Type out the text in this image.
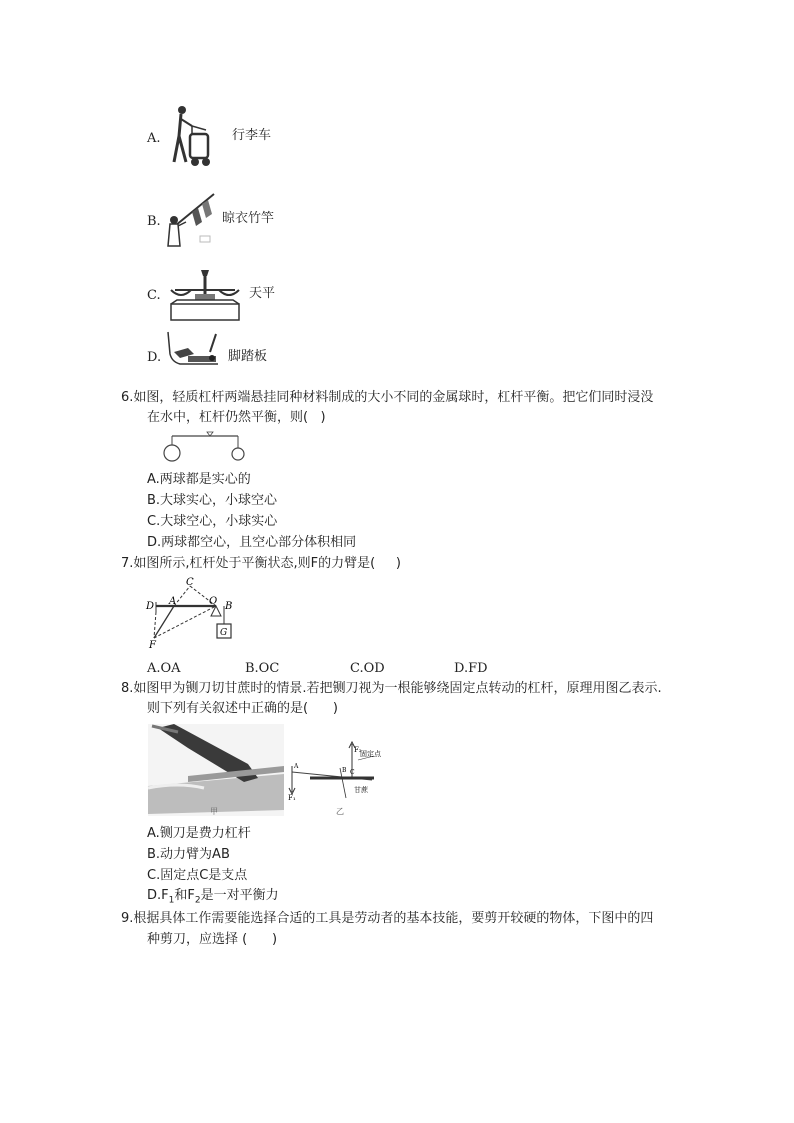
A.	行李车
B.	晾衣竹竿
C.	天平
D.	脚踏板
6.如图，轻质杠杆两端悬挂同种材料制成的大小不同的金属球时，杠杆平衡。把它们同时浸没
在水中，杠杆仍然平衡，则(   )
A.两球都是实心的
B.大球实心，小球空心
C.大球空心，小球实心
D.两球都空心，且空心部分体积相同
7.如图所示,杠杆处于平衡状态,则F的力臂是(     )
C
D A	O B
F
G
A.OA	B.OC	C.OD	D.FD
8.如图甲为铡刀切甘蔗时的情景.若把铡刀视为一根能够绕固定点转动的杠杆，原理用图乙表示.
则下列有关叙述中正确的是(      )
甲
F₂
F₁
A
B C
固定点
甘蔗
乙
A.铡刀是费力杠杆
B.动力臂为AB
C.固定点C是支点
$D.F_1$和$F_2$是一对平衡力
9.根据具体工作需要能选择合适的工具是劳动者的基本技能，要剪开较硬的物体，下图中的四
种剪刀，应选择 (      )
